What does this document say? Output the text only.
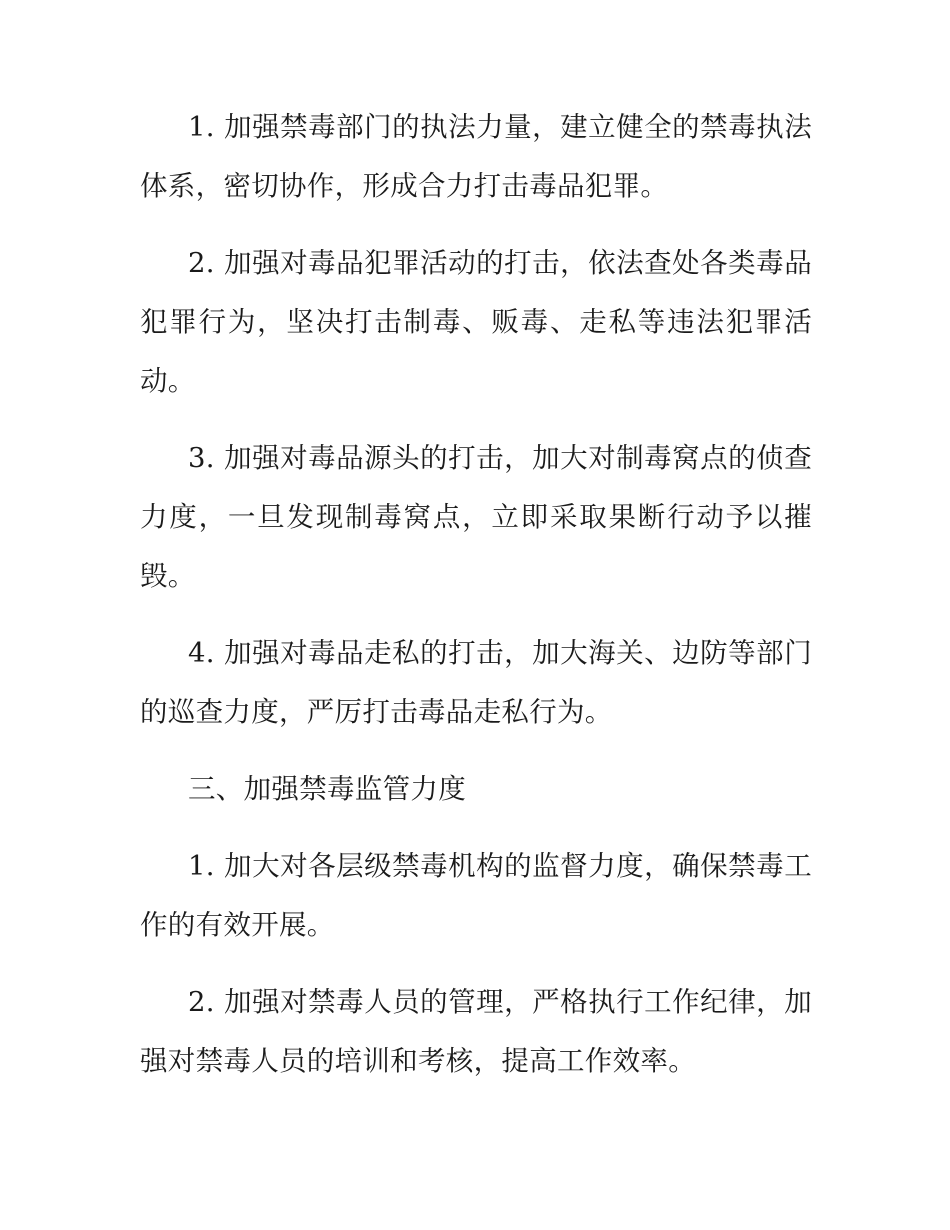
1. 加强禁毒部门的执法力量，建立健全的禁毒执法体系，密切协作，形成合力打击毒品犯罪。

2. 加强对毒品犯罪活动的打击，依法查处各类毒品犯罪行为，坚决打击制毒、贩毒、走私等违法犯罪活动。

3. 加强对毒品源头的打击，加大对制毒窝点的侦查力度，一旦发现制毒窝点，立即采取果断行动予以摧毁。

4. 加强对毒品走私的打击，加大海关、边防等部门的巡查力度，严厉打击毒品走私行为。

三、加强禁毒监管力度

1. 加大对各层级禁毒机构的监督力度，确保禁毒工作的有效开展。

2. 加强对禁毒人员的管理，严格执行工作纪律，加强对禁毒人员的培训和考核，提高工作效率。
